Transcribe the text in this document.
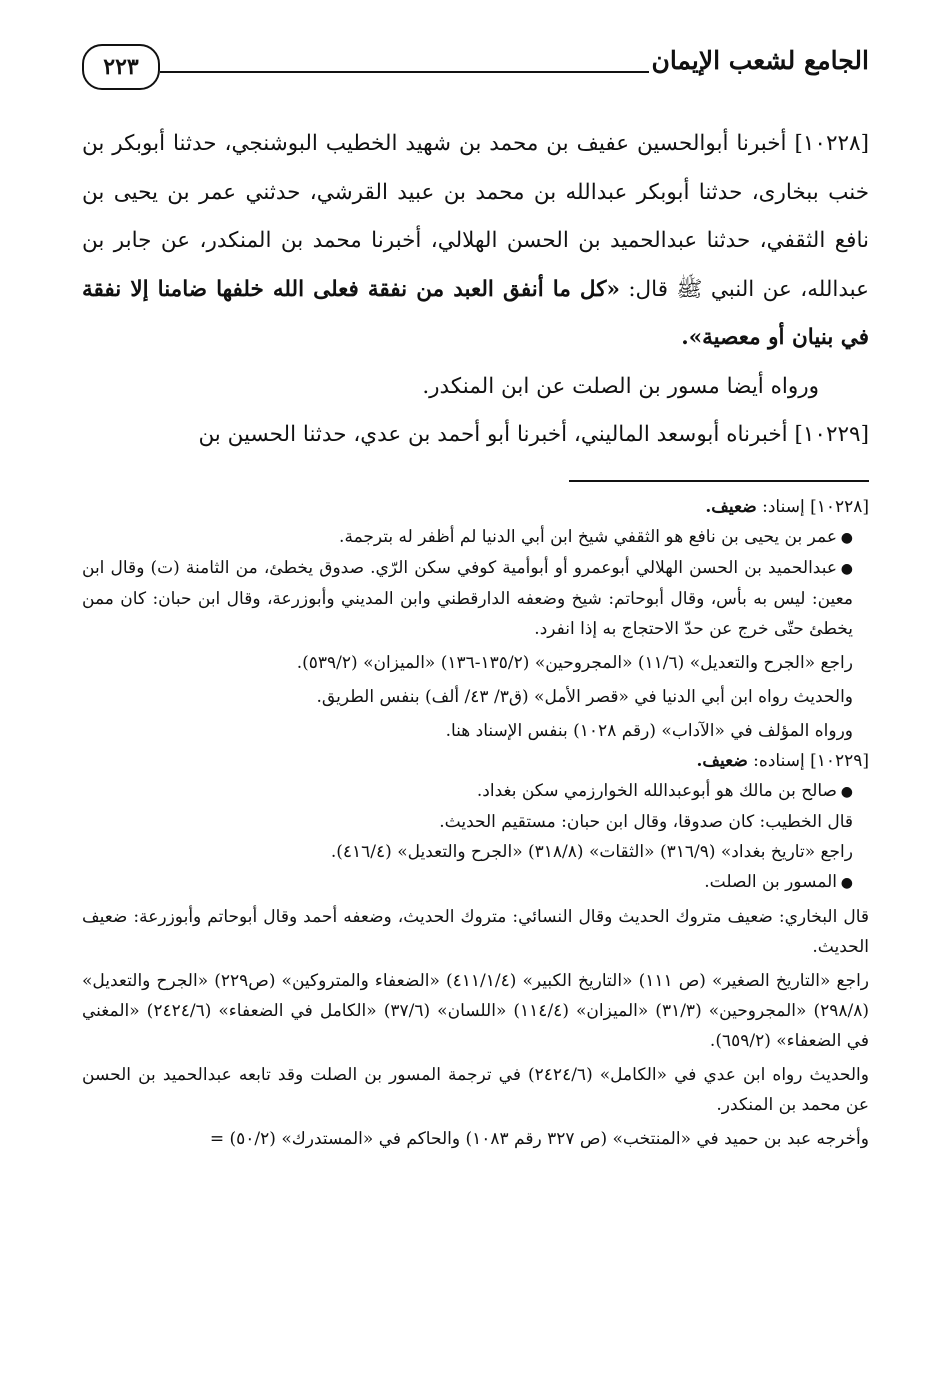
الجامع لشعب الإيمان
٢٢٣

[١٠٢٢٨] أخبرنا أبوالحسين عفيف بن محمد بن شهيد الخطيب البوشنجي، حدثنا أبوبكر بن خنب ببخارى، حدثنا أبوبكر عبدالله بن محمد بن عبيد القرشي، حدثني عمر بن يحيى بن نافع الثقفي، حدثنا عبدالحميد بن الحسن الهلالي، أخبرنا محمد بن المنكدر، عن جابر بن عبدالله، عن النبي ﷺ قال: «كل ما أنفق العبد من نفقة فعلى الله خلفها ضامنا إلا نفقة في بنيان أو معصية».

ورواه أيضا مسور بن الصلت عن ابن المنكدر.

[١٠٢٢٩] أخبرناه أبوسعد الماليني، أخبرنا أبو أحمد بن عدي، حدثنا الحسين بن

[١٠٢٢٨] إسناد: ضعيف.

●عمر بن يحيى بن نافع هو الثقفي شيخ ابن أبي الدنيا لم أظفر له بترجمة.

●عبدالحميد بن الحسن الهلالي أبوعمرو أو أبوأمية كوفي سكن الرّي. صدوق يخطئ، من الثامنة (ت) وقال ابن معين: ليس به بأس، وقال أبوحاتم: شيخ وضعفه الدارقطني وابن المديني وأبوزرعة، وقال ابن حبان: كان ممن يخطئ حتّى خرج عن حدّ الاحتجاج به إذا انفرد.

راجع «الجرح والتعديل» (١١/٦) «المجروحين» (١٣٥/٢-١٣٦) «الميزان» (٥٣٩/٢).

والحديث رواه ابن أبي الدنيا في «قصر الأمل» (ق٣/ ٤٣/ ألف) بنفس الطريق.

ورواه المؤلف في «الآداب» (رقم ١٠٢٨) بنفس الإسناد هنا.

[١٠٢٢٩] إسناده: ضعيف.

●صالح بن مالك هو أبوعبدالله الخوارزمي سكن بغداد.

قال الخطيب: كان صدوقا، وقال ابن حبان: مستقيم الحديث.

راجع «تاريخ بغداد» (٣١٦/٩) «الثقات» (٣١٨/٨) «الجرح والتعديل» (٤١٦/٤).

●المسور بن الصلت.

قال البخاري: ضعيف متروك الحديث وقال النسائي: متروك الحديث، وضعفه أحمد وقال أبوحاتم وأبوزرعة: ضعيف الحديث.

راجع «التاريخ الصغير» (ص ١١١) «التاريخ الكبير» (٤١١/١/٤) «الضعفاء والمتروكين» (ص٢٢٩) «الجرح والتعديل» (٢٩٨/٨) «المجروحين» (٣١/٣) «الميزان» (١١٤/٤) «اللسان» (٣٧/٦) «الكامل في الضعفاء» (٢٤٢٤/٦) «المغني في الضعفاء» (٦٥٩/٢).

والحديث رواه ابن عدي في «الكامل» (٢٤٢٤/٦) في ترجمة المسور بن الصلت وقد تابعه عبدالحميد بن الحسن عن محمد بن المنكدر.

وأخرجه عبد بن حميد في «المنتخب» (ص ٣٢٧ رقم ١٠٨٣) والحاكم في «المستدرك» (٥٠/٢) =
